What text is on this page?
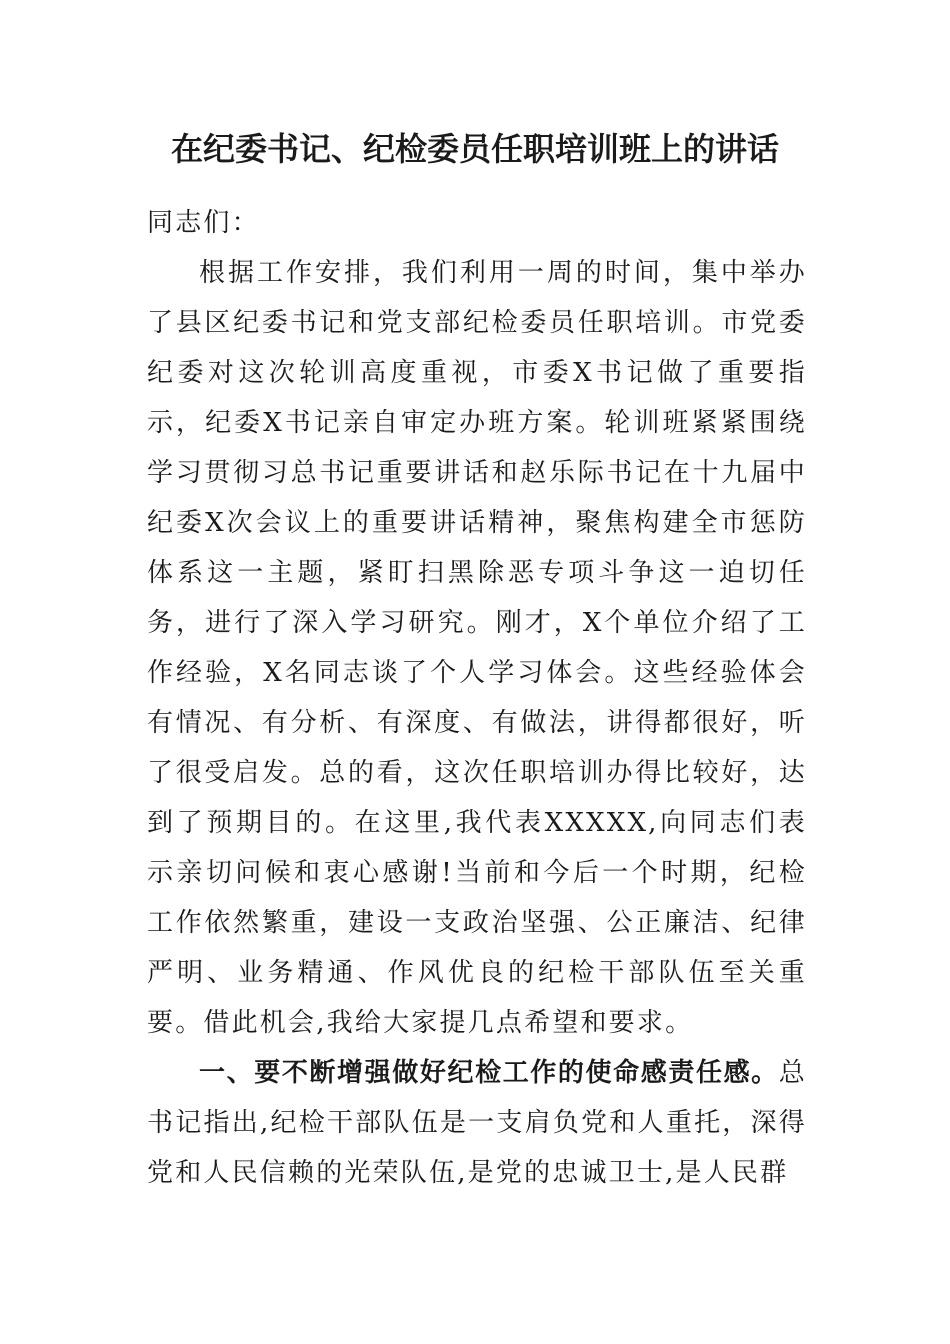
在纪委书记、纪检委员任职培训班上的讲话

同志们：

根据工作安排，我们利用一周的时间，集中举办了县区纪委书记和党支部纪检委员任职培训。市党委纪委对这次轮训高度重视，市委X书记做了重要指示，纪委X书记亲自审定办班方案。轮训班紧紧围绕学习贯彻习总书记重要讲话和赵乐际书记在十九届中纪委X次会议上的重要讲话精神，聚焦构建全市惩防体系这一主题，紧盯扫黑除恶专项斗争这一迫切任务，进行了深入学习研究。刚才，X个单位介绍了工作经验，X名同志谈了个人学习体会。这些经验体会有情况、有分析、有深度、有做法，讲得都很好，听了很受启发。总的看，这次任职培训办得比较好，达到了预期目的。在这里,我代表XXXXX,向同志们表示亲切问候和衷心感谢!当前和今后一个时期，纪检工作依然繁重，建设一支政治坚强、公正廉洁、纪律严明、业务精通、作风优良的纪检干部队伍至关重要。借此机会,我给大家提几点希望和要求。

一、要不断增强做好纪检工作的使命感责任感。总书记指出,纪检干部队伍是一支肩负党和人重托，深得党和人民信赖的光荣队伍,是党的忠诚卫士,是人民群
